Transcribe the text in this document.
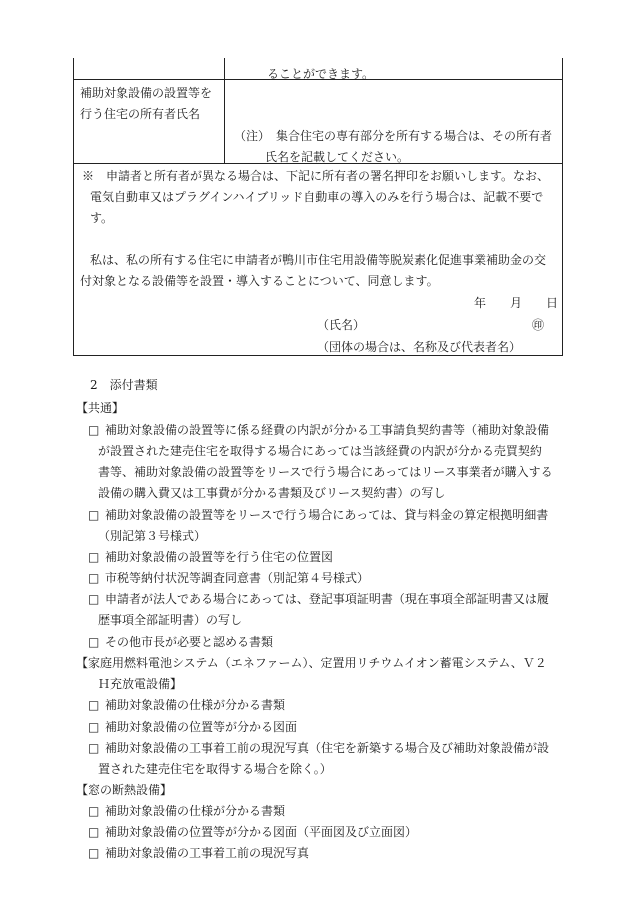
ることができます。
補助対象設備の設置等を
行う住宅の所有者氏名
（注）　集合住宅の専有部分を所有する場合は、その所有者
氏名を記載してください。
※　申請者と所有者が異なる場合は、下記に所有者の署名押印をお願いします。なお、
電気自動車又はプラグインハイブリッド自動車の導入のみを行う場合は、記載不要で
す。
私は、私の所有する住宅に申請者が鴨川市住宅用設備等脱炭素化促進事業補助金の交
付対象となる設備等を設置・導入することについて、同意します。
年　　月　　日
（氏名）	㊞
（団体の場合は、名称及び代表者名）
2　添付書類
【共通】
□ 補助対象設備の設置等に係る経費の内訳が分かる工事請負契約書等（補助対象設備
が設置された建売住宅を取得する場合にあっては当該経費の内訳が分かる売買契約
書等、補助対象設備の設置等をリースで行う場合にあってはリース事業者が購入する
設備の購入費又は工事費が分かる書類及びリース契約書）の写し
□ 補助対象設備の設置等をリースで行う場合にあっては、貸与料金の算定根拠明細書
（別記第３号様式）
□ 補助対象設備の設置等を行う住宅の位置図
□ 市税等納付状況等調査同意書（別記第４号様式）
□ 申請者が法人である場合にあっては、登記事項証明書（現在事項全部証明書又は履
歴事項全部証明書）の写し
□ その他市長が必要と認める書類
【家庭用燃料電池システム（エネファーム）、定置用リチウムイオン蓄電システム、Ｖ２
Ｈ充放電設備】
□ 補助対象設備の仕様が分かる書類
□ 補助対象設備の位置等が分かる図面
□ 補助対象設備の工事着工前の現況写真（住宅を新築する場合及び補助対象設備が設
置された建売住宅を取得する場合を除く。）
【窓の断熱設備】
□ 補助対象設備の仕様が分かる書類
□ 補助対象設備の位置等が分かる図面（平面図及び立面図）
□ 補助対象設備の工事着工前の現況写真
